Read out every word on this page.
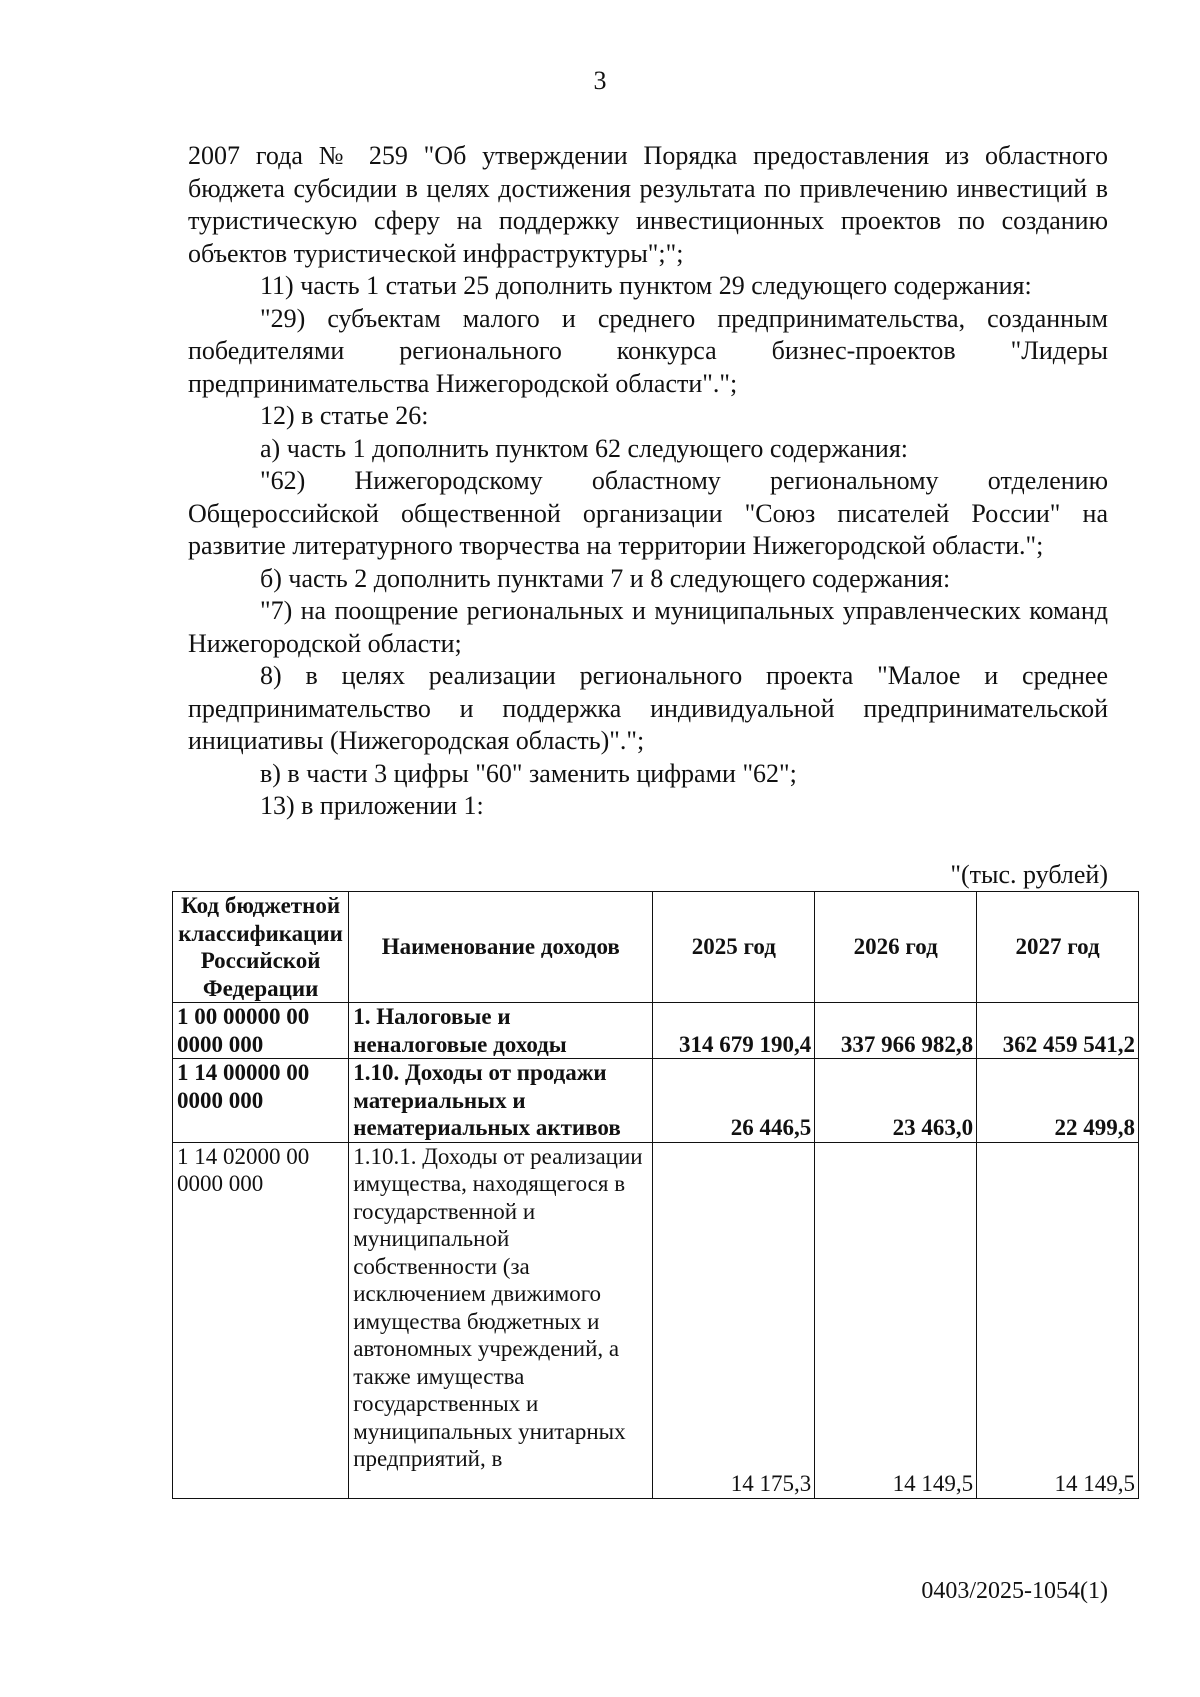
3

2007 года № 259 "Об утверждении Порядка предоставления из областного бюджета субсидии в целях достижения результата по привлечению инвестиций в туристическую сферу на поддержку инвестиционных проектов по созданию объектов туристической инфраструктуры";";

11) часть 1 статьи 25 дополнить пунктом 29 следующего содержания:

"29) субъектам малого и среднего предпринимательства, созданным победителями регионального конкурса бизнес-проектов "Лидеры предпринимательства Нижегородской области".";

12) в статье 26:

а) часть 1 дополнить пунктом 62 следующего содержания:

"62) Нижегородскому областному региональному отделению Общероссийской общественной организации "Союз писателей России" на развитие литературного творчества на территории Нижегородской области.";

б) часть 2 дополнить пунктами 7 и 8 следующего содержания:

"7) на поощрение региональных и муниципальных управленческих команд Нижегородской области;

8) в целях реализации регионального проекта "Малое и среднее предпринимательство и поддержка индивидуальной предпринимательской инициативы (Нижегородская область)".";

в) в части 3 цифры "60" заменить цифрами "62";

13) в приложении 1:

"(тыс. рублей)
Код бюджетной классификации Российской Федерации	Наименование доходов	2025 год	2026 год	2027 год
1 00 00000 00 0000 000	1. Налоговые и неналоговые доходы	314 679 190,4	337 966 982,8	362 459 541,2
1 14 00000 00 0000 000	1.10. Доходы от продажи материальных и нематериальных активов	26 446,5	23 463,0	22 499,8
1 14 02000 00 0000 000	1.10.1. Доходы от реализации имущества, находящегося в государственной и муниципальной собственности (за исключением движимого имущества бюджетных и автономных учреждений, а также имущества государственных и муниципальных унитарных предприятий, в	14 175,3	14 149,5	14 149,5
0403/2025-1054(1)
